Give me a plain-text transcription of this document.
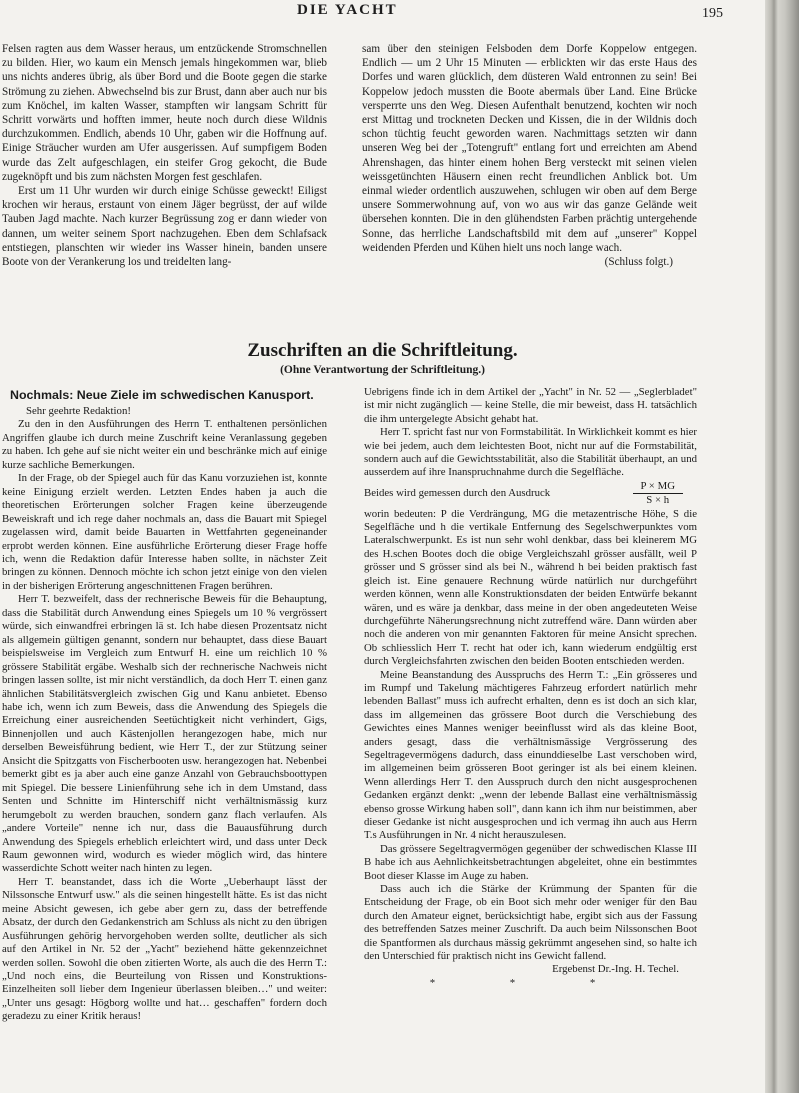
DIE YACHT	195

Felsen ragten aus dem Wasser heraus, um entzückende Stromschnellen zu bilden. Hier, wo kaum ein Mensch jemals hingekommen war, blieb uns nichts anderes übrig, als über Bord und die Boote gegen die starke Strömung zu ziehen. Abwechselnd bis zur Brust, dann aber auch nur bis zum Knöchel, im kalten Wasser, stampften wir langsam Schritt für Schritt vorwärts und hofften immer, heute noch durch diese Wildnis durchzukommen. Endlich, abends 10 Uhr, gaben wir die Hoffnung auf. Einige Sträucher wurden am Ufer ausgerissen. Auf sumpfigem Boden wurde das Zelt aufgeschlagen, ein steifer Grog gekocht, die Bude zugeknöpft und bis zum nächsten Morgen fest geschlafen.

Erst um 11 Uhr wurden wir durch einige Schüsse geweckt! Eiligst krochen wir heraus, erstaunt von einem Jäger begrüsst, der auf wilde Tauben Jagd machte. Nach kurzer Begrüssung zog er dann wieder von dannen, um weiter seinem Sport nachzugehen. Eben dem Schlafsack entstiegen, planschten wir wieder ins Wasser hinein, banden unsere Boote von der Verankerung los und treidelten lang-

sam über den steinigen Felsboden dem Dorfe Koppelow entgegen. Endlich — um 2 Uhr 15 Minuten — erblickten wir das erste Haus des Dorfes und waren glücklich, dem düsteren Wald entronnen zu sein! Bei Koppelow jedoch mussten die Boote abermals über Land. Eine Brücke versperrte uns den Weg. Diesen Aufenthalt benutzend, kochten wir noch erst Mittag und trockneten Decken und Kissen, die in der Wildnis doch schon tüchtig feucht geworden waren. Nachmittags setzten wir dann unseren Weg bei der „Totengruft" entlang fort und erreichten am Abend Ahrenshagen, das hinter einem hohen Berg versteckt mit seinen vielen weissgetünchten Häusern einen recht freundlichen Anblick bot. Um einmal wieder ordentlich auszuwehen, schlugen wir oben auf dem Berge unsere Sommerwohnung auf, von wo aus wir das ganze Gelände weit übersehen konnten. Die in den glühendsten Farben prächtig untergehende Sonne, das herrliche Landschaftsbild mit dem auf „unserer" Koppel weidenden Pferden und Kühen hielt uns noch lange wach.

(Schluss folgt.)

Zuschriften an die Schriftleitung.
(Ohne Verantwortung der Schriftleitung.)
Nochmals: Neue Ziele im schwedischen Kanusport.

Sehr geehrte Redaktion!

Zu den in den Ausführungen des Herrn T. enthaltenen persönlichen Angriffen glaube ich durch meine Zuschrift keine Veranlassung gegeben zu haben. Ich gehe auf sie nicht weiter ein und beschränke mich auf einige kurze sachliche Bemerkungen.

In der Frage, ob der Spiegel auch für das Kanu vorzuziehen ist, konnte keine Einigung erzielt werden. Letzten Endes haben ja auch die theoretischen Erörterungen solcher Fragen keine überzeugende Beweiskraft und ich rege daher nochmals an, dass die Bauart mit Spiegel zugelassen wird, damit beide Bauarten in Wettfahrten gegeneinander erprobt werden können. Eine ausführliche Erörterung dieser Frage hoffe ich, wenn die Redaktion dafür Interesse haben sollte, in nächster Zeit bringen zu können. Dennoch möchte ich schon jetzt einige von den vielen in der bisherigen Erörterung angeschnittenen Fragen berühren.

Herr T. bezweifelt, dass der rechnerische Beweis für die Behauptung, dass die Stabilität durch Anwendung eines Spiegels um 10 % vergrössert würde, sich einwandfrei erbringen lä st. Ich habe diesen Prozentsatz nicht als allgemein gültigen genannt, sondern nur behauptet, dass diese Bauart beispielsweise im Vergleich zum Entwurf H. eine um reichlich 10 % grössere Stabilität ergäbe. Weshalb sich der rechnerische Nachweis nicht bringen lassen sollte, ist mir nicht verständlich, da doch Herr T. einen ganz ähnlichen Stabilitätsvergleich zwischen Gig und Kanu anbietet. Ebenso habe ich, wenn ich zum Beweis, dass die Anwendung des Spiegels die Erreichung einer ausreichenden Seetüchtigkeit nicht verhindert, Gigs, Binnenjollen und auch Kästenjollen herangezogen habe, mich nur derselben Beweisführung bedient, wie Herr T., der zur Stützung seiner Ansicht die Spitzgatts von Fischerbooten usw. herangezogen hat. Nebenbei bemerkt gibt es ja aber auch eine ganze Anzahl von Gebrauchsboottypen mit Spiegel. Die bessere Linienführung sehe ich in dem Umstand, dass Senten und Schnitte im Hinterschiff nicht verhältnismässig kurz herumgebolt zu werden brauchen, sondern ganz flach verlaufen. Als „andere Vorteile" nenne ich nur, dass die Bauausführung durch Anwendung des Spiegels erheblich erleichtert wird, und dass unter Deck Raum gewonnen wird, wodurch es wieder möglich wird, das hintere wasserdichte Schott weiter nach hinten zu legen.

Herr T. beanstandet, dass ich die Worte „Ueberhaupt lässt der Nilssonsche Entwurf usw." als die seinen hingestellt hätte. Es ist das nicht meine Absicht gewesen, ich gebe aber gern zu, dass der betreffende Absatz, der durch den Gedankenstrich am Schluss als nicht zu den übrigen Ausführungen gehörig hervorgehoben werden sollte, deutlicher als sich auf den Artikel in Nr. 52 der „Yacht" beziehend hätte gekennzeichnet werden sollen. Sowohl die oben zitierten Worte, als auch die des Herrn T.: „Und noch eins, die Beurteilung von Rissen und Konstruktions-Einzelheiten soll lieber dem Ingenieur überlassen bleiben…" und weiter: „Unter uns gesagt: Högborg wollte und hat… geschaffen" fordern doch geradezu zu einer Kritik heraus!

Uebrigens finde ich in dem Artikel der „Yacht" in Nr. 52 — „Seglerbladet" ist mir nicht zugänglich — keine Stelle, die mir beweist, dass H. tatsächlich die ihm untergelegte Absicht gehabt hat.

Herr T. spricht fast nur von Formstabilität. In Wirklichkeit kommt es hier wie bei jedem, auch dem leichtesten Boot, nicht nur auf die Formstabilität, sondern auch auf die Gewichtsstabilität, also die Stabilität überhaupt, an und ausserdem auf ihre Inanspruchnahme durch die Segelfläche.

Beides wird gemessen durch den Ausdruck	$\frac{P \times MG}{S \times h}$

worin bedeuten: P die Verdrängung, MG die metazentrische Höhe, S die Segelfläche und h die vertikale Entfernung des Segelschwerpunktes vom Lateralschwerpunkt. Es ist nun sehr wohl denkbar, dass bei kleinerem MG des H.schen Bootes doch die obige Vergleichszahl grösser ausfällt, weil P grösser und S grösser sind als bei N., während h bei beiden praktisch fast gleich ist. Eine genauere Rechnung würde natürlich nur durchgeführt werden können, wenn alle Konstruktionsdaten der beiden Entwürfe bekannt wären, und es wäre ja denkbar, dass meine in der oben angedeuteten Weise durchgeführte Näherungsrechnung nicht zutreffend wäre. Dann würden aber noch die anderen von mir genannten Faktoren für meine Ansicht sprechen. Ob schliesslich Herr T. recht hat oder ich, kann wiederum endgültig erst durch Vergleichsfahrten zwischen den beiden Booten entschieden werden.

Meine Beanstandung des Ausspruchs des Herrn T.: „Ein grösseres und im Rumpf und Takelung mächtigeres Fahrzeug erfordert natürlich mehr lebenden Ballast" muss ich aufrecht erhalten, denn es ist doch an sich klar, dass im allgemeinen das grössere Boot durch die Verschiebung des Gewichtes eines Mannes weniger beeinflusst wird als das kleine Boot, anders gesagt, dass die verhältnismässige Vergrösserung des Segeltragevermögens dadurch, dass einunddieselbe Last verschoben wird, im allgemeinen beim grösseren Boot geringer ist als bei einem kleinen. Wenn allerdings Herr T. den Ausspruch durch den nicht ausgesprochenen Gedanken ergänzt denkt: „wenn der lebende Ballast eine verhältnismässig ebenso grosse Wirkung haben soll", dann kann ich ihm nur beistimmen, aber dieser Gedanke ist nicht ausgesprochen und ich vermag ihn auch aus Herrn T.s Ausführungen in Nr. 4 nicht herauszulesen.

Das grössere Segeltragvermögen gegenüber der schwedischen Klasse III B habe ich aus Aehnlichkeitsbetrachtungen abgeleitet, ohne ein bestimmtes Boot dieser Klasse im Auge zu haben.

Dass auch ich die Stärke der Krümmung der Spanten für die Entscheidung der Frage, ob ein Boot sich mehr oder weniger für den Bau durch den Amateur eignet, berücksichtigt habe, ergibt sich aus der Fassung des betreffenden Satzes meiner Zuschrift. Da auch beim Nilssonschen Boot die Spantformen als durchaus mässig gekrümmt angesehen sind, so halte ich den Unterschied für praktisch nicht ins Gewicht fallend.

Ergebenst Dr.-Ing. H. Techel.

* * *
